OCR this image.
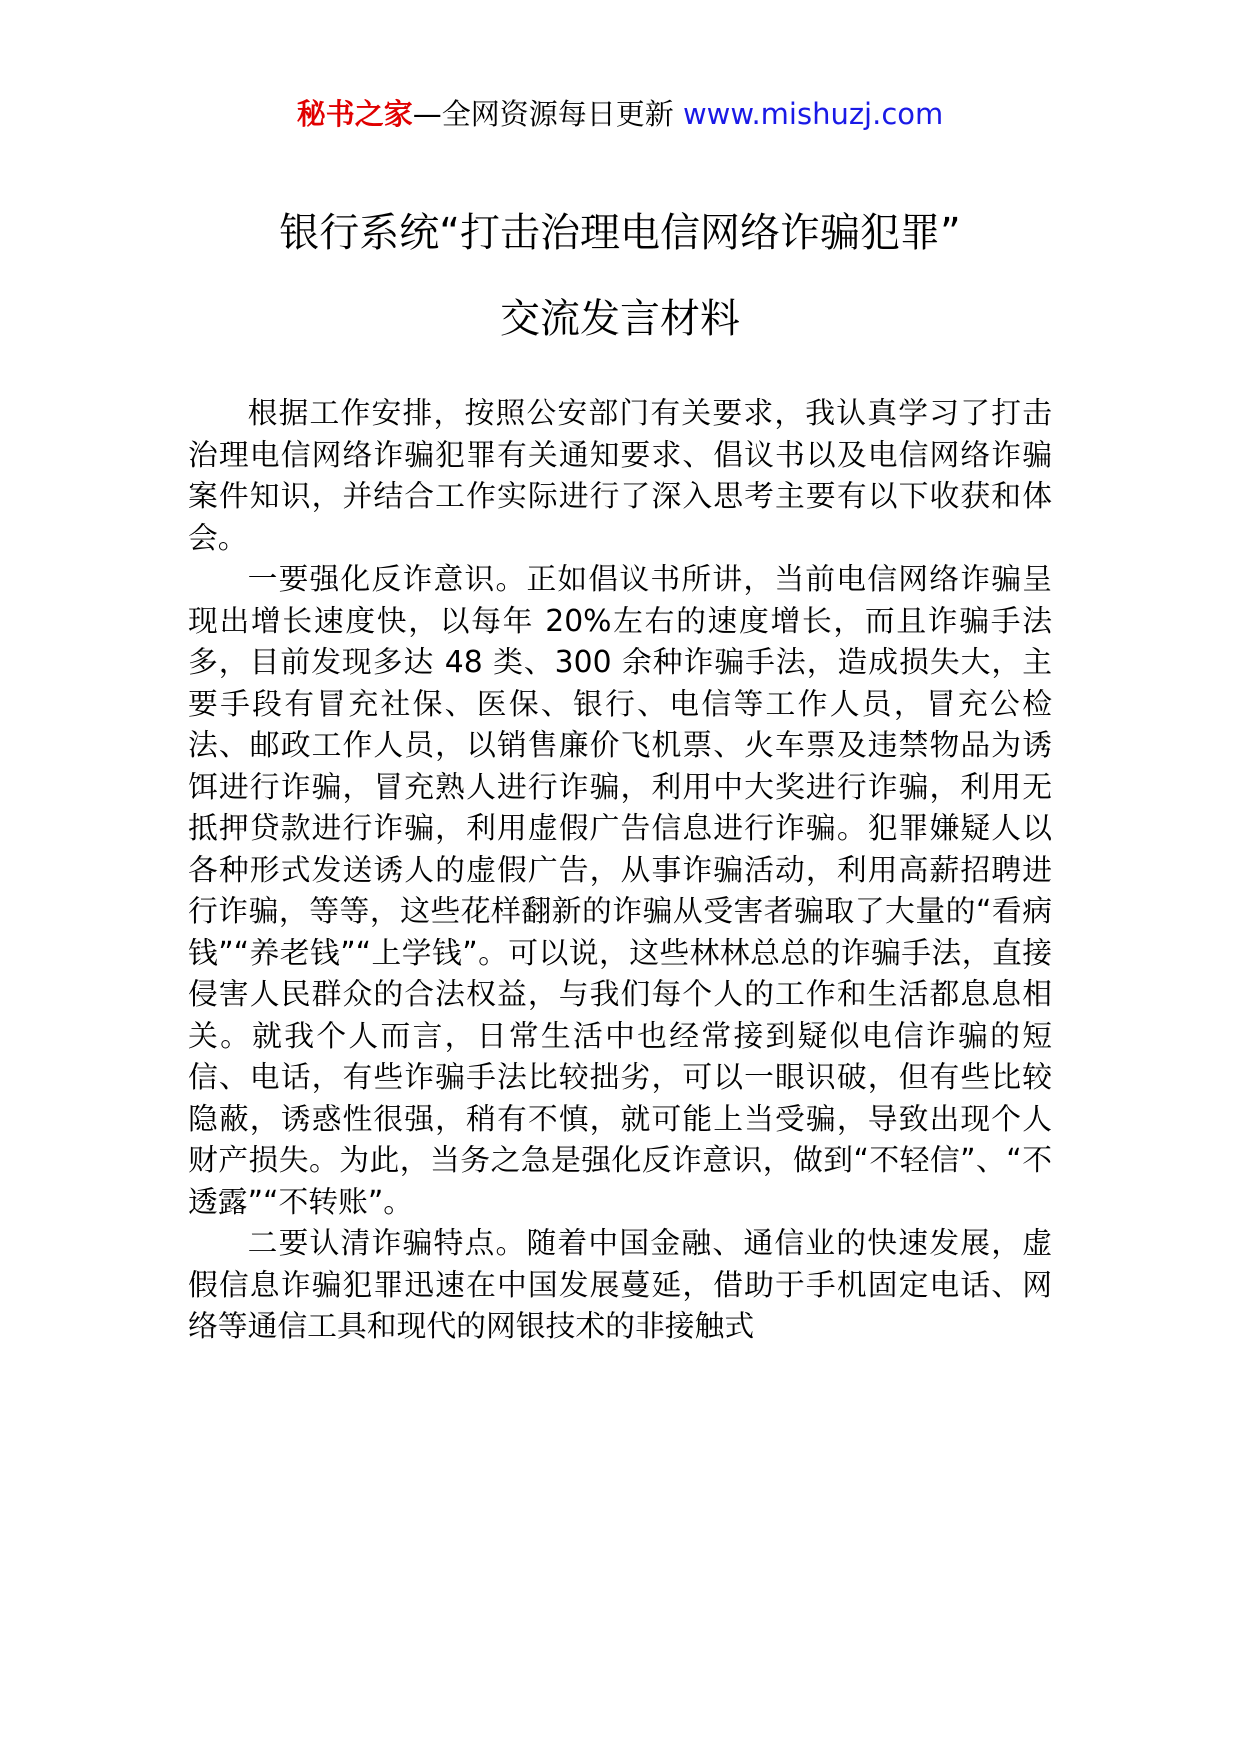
秘书之家—全网资源每日更新 www.mishuzj.com
银行系统“打击治理电信网络诈骗犯罪”
交流发言材料

根据工作安排，按照公安部门有关要求，我认真学习了打击治理电信网络诈骗犯罪有关通知要求、倡议书以及电信网络诈骗案件知识，并结合工作实际进行了深入思考主要有以下收获和体会。

一要强化反诈意识。正如倡议书所讲，当前电信网络诈骗呈现出增长速度快，以每年 20%左右的速度增长，而且诈骗手法多，目前发现多达 48 类、300 余种诈骗手法，造成损失大，主要手段有冒充社保、医保、银行、电信等工作人员，冒充公检法、邮政工作人员，以销售廉价飞机票、火车票及违禁物品为诱饵进行诈骗，冒充熟人进行诈骗，利用中大奖进行诈骗，利用无抵押贷款进行诈骗，利用虚假广告信息进行诈骗。犯罪嫌疑人以各种形式发送诱人的虚假广告，从事诈骗活动，利用高薪招聘进行诈骗，等等，这些花样翻新的诈骗从受害者骗取了大量的“看病钱”“养老钱”“上学钱”。可以说，这些林林总总的诈骗手法，直接侵害人民群众的合法权益，与我们每个人的工作和生活都息息相关。就我个人而言，日常生活中也经常接到疑似电信诈骗的短信、电话，有些诈骗手法比较拙劣，可以一眼识破，但有些比较隐蔽，诱惑性很强，稍有不慎，就可能上当受骗，导致出现个人财产损失。为此，当务之急是强化反诈意识，做到“不轻信”、“不透露”“不转账”。

二要认清诈骗特点。随着中国金融、通信业的快速发展，虚假信息诈骗犯罪迅速在中国发展蔓延，借助于手机固定电话、网络等通信工具和现代的网银技术的非接触式
